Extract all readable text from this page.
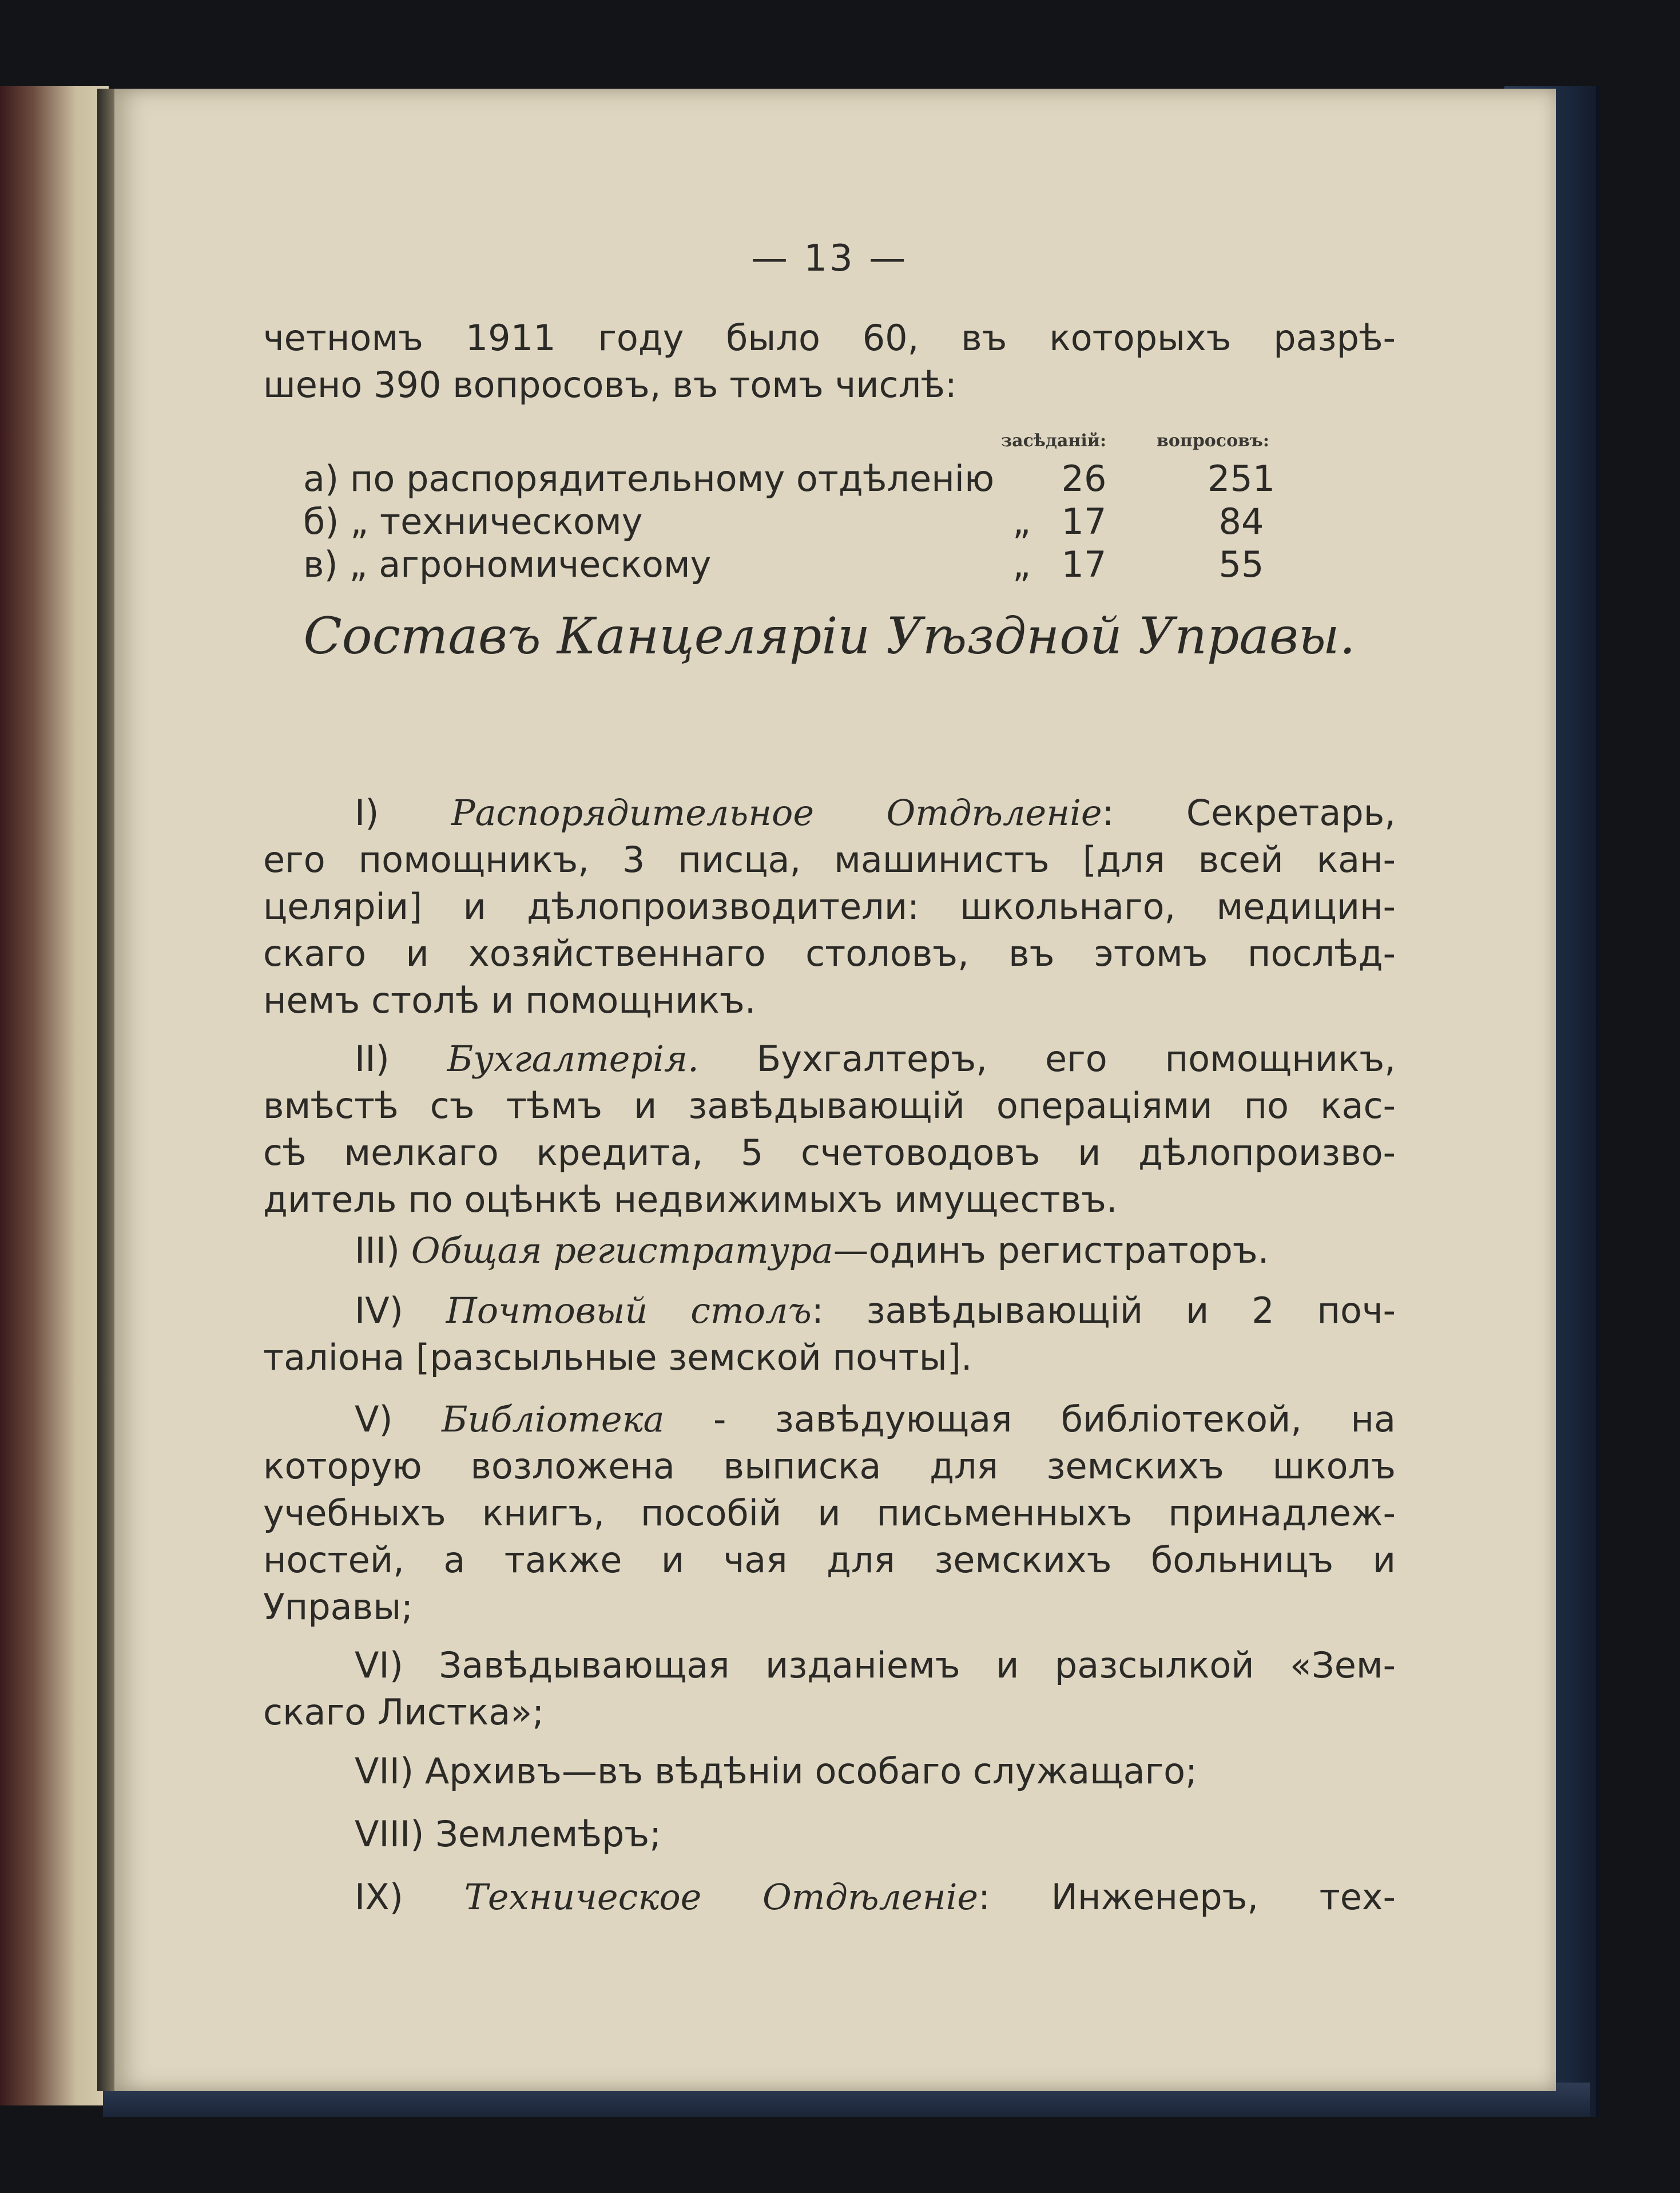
— 13 —
четномъ 1911 году было 60, въ которыхъ разрѣ-
шено 390 вопросовъ, въ томъ числѣ:
засѣданій:	вопросовъ:
а) по распорядительному отдѣленію	26	251
б) „ техническому	„ 17	84
в) „ агрономическому	„ 17	55
Составъ Канцеляріи Уѣздной Управы.
I) Распорядительное Отдѣленіе: Секретарь,
его помощникъ, 3 писца, машинистъ [для всей кан-
целяріи] и дѣлопроизводители: школьнаго, медицин-
скаго и хозяйственнаго столовъ, въ этомъ послѣд-
немъ столѣ и помощникъ.
II) Бухгалтерія. Бухгалтеръ, его помощникъ,
вмѣстѣ съ тѣмъ и завѣдывающій операціями по кас-
сѣ мелкаго кредита, 5 счетоводовъ и дѣлопроизво-
дитель по оцѣнкѣ недвижимыхъ имуществъ.
III) Общая регистратура—одинъ регистраторъ.
IV) Почтовый столъ: завѣдывающій и 2 поч-
таліона [разсыльные земской почты].
V) Библіотека - завѣдующая библіотекой, на
которую возложена выписка для земскихъ школъ
учебныхъ книгъ, пособій и письменныхъ принадлеж-
ностей, а также и чая для земскихъ больницъ и
Управы;
VI) Завѣдывающая изданіемъ и разсылкой «Зем-
скаго Листка»;
VII) Архивъ—въ вѣдѣніи особаго служащаго;
VIII) Землемѣръ;
IX) Техническое Отдѣленіе: Инженеръ, тех-
